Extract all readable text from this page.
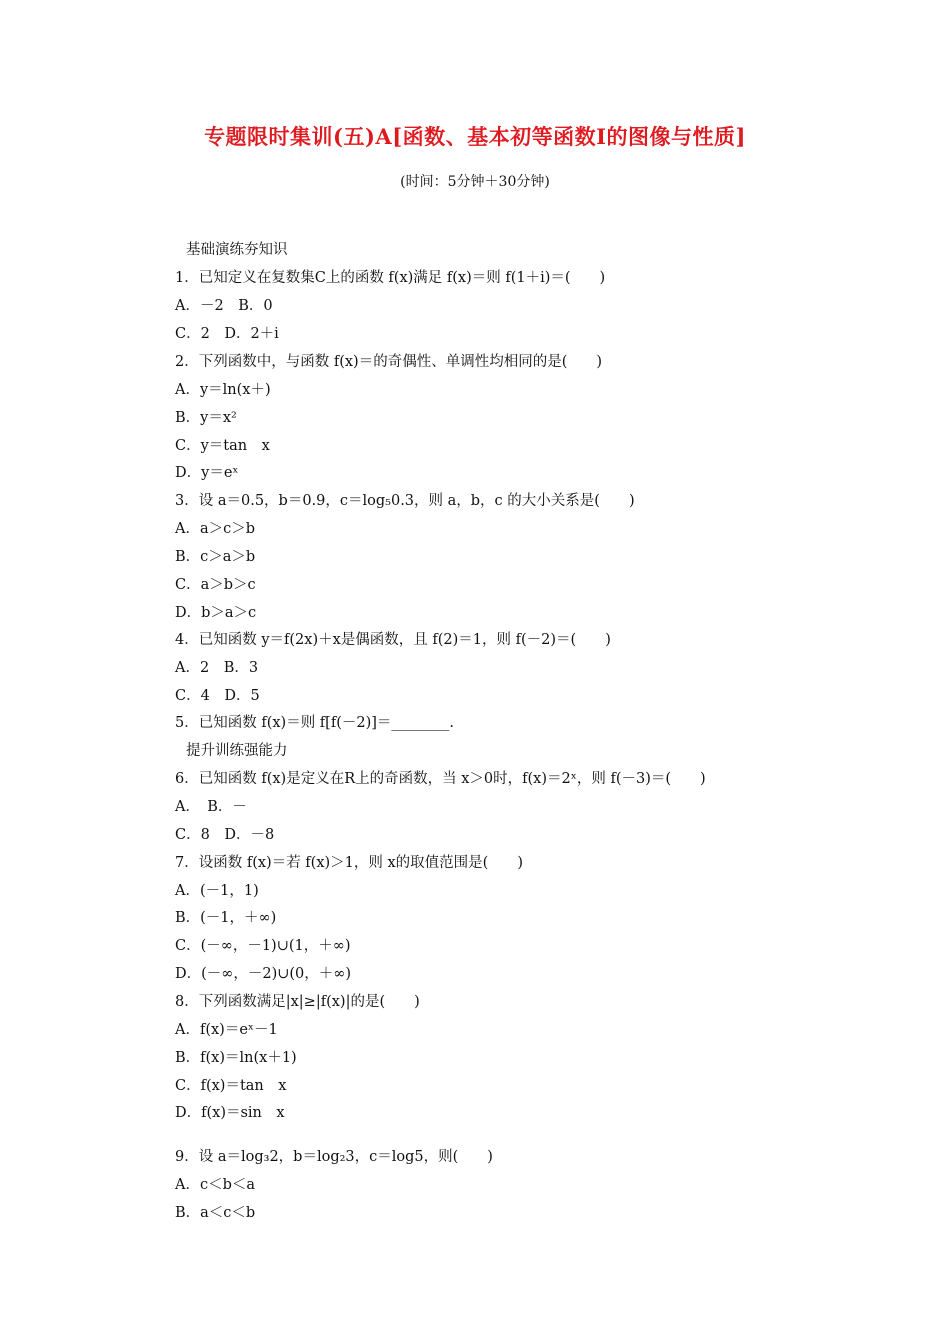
专题限时集训(五)A[函数、基本初等函数Ⅰ的图像与性质]
(时间：5分钟＋30分钟)
基础演练夯知识
1．已知定义在复数集C上的函数 f(x)满足 f(x)＝则 f(1＋i)＝(　　)
A．－2　B．0
C．2　D．2＋i
2．下列函数中，与函数 f(x)＝的奇偶性、单调性均相同的是(　　)
A．y＝ln(x＋)
B．y＝x²
C．y＝tan　x
D．y＝eˣ
3．设 a＝0.5，b＝0.9，c＝log₅0.3，则 a，b，c 的大小关系是(　　)
A．a＞c＞b
B．c＞a＞b
C．a＞b＞c
D．b＞a＞c
4．已知函数 y＝f(2x)＋x是偶函数，且 f(2)＝1，则 f(－2)＝(　　)
A．2　B．3
C．4　D．5
5．已知函数 f(x)＝则 f[f(－2)]＝________.
提升训练强能力
6．已知函数 f(x)是定义在R上的奇函数，当 x＞0时，f(x)＝2ˣ，则 f(－3)＝(　　)
A．　B．－
C．8　D．－8
7．设函数 f(x)＝若 f(x)＞1，则 x的取值范围是(　　)
A．(－1，1)
B．(－1，＋∞)
C．(－∞，－1)∪(1，＋∞)
D．(－∞，－2)∪(0，＋∞)
8．下列函数满足|x|≥|f(x)|的是(　　)
A．f(x)＝eˣ－1
B．f(x)＝ln(x＋1)
C．f(x)＝tan　x
D．f(x)＝sin　x
9．设 a＝log₃2，b＝log₂3，c＝log5，则(　　)
A．c＜b＜a
B．a＜c＜b
